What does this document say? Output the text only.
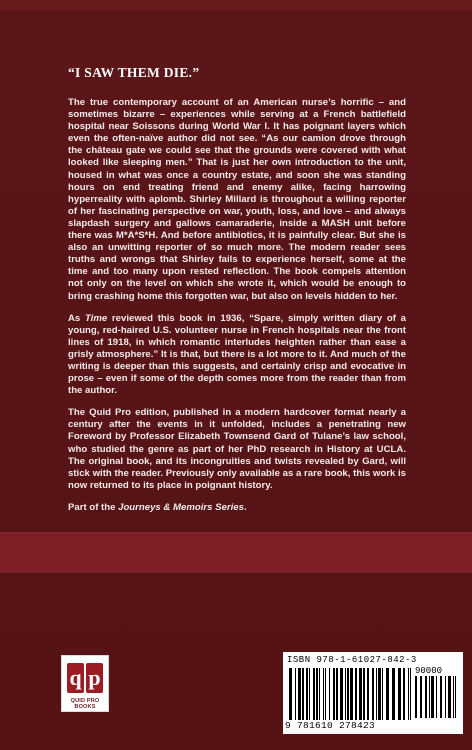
“I SAW THEM DIE.”

The true contemporary account of an American nurse’s horrific – and sometimes bizarre – experiences while serving at a French battlefield hospital near Soissons during World War I. It has poignant layers which even the often-naïve author did not see. “As our camion drove through the château gate we could see that the grounds were covered with what looked like sleeping men.” That is just her own introduction to the unit, housed in what was once a country estate, and soon she was standing hours on end treating friend and enemy alike, facing harrowing hyperreality with aplomb. Shirley Millard is throughout a willing reporter of her fascinating perspective on war, youth, loss, and love – and always slapdash surgery and gallows camaraderie, inside a MASH unit before there was M*A*S*H. And before antibiotics, it is painfully clear. But she is also an unwitting reporter of so much more. The modern reader sees truths and wrongs that Shirley fails to experience herself, some at the time and too many upon rested reflection. The book compels attention not only on the level on which she wrote it, which would be enough to bring crashing home this forgotten war, but also on levels hidden to her.

As Time reviewed this book in 1936, “Spare, simply written diary of a young, red-haired U.S. volunteer nurse in French hospitals near the front lines of 1918, in which romantic interludes heighten rather than ease a grisly atmosphere.” It is that, but there is a lot more to it. And much of the writing is deeper than this suggests, and certainly crisp and evocative in prose – even if some of the depth comes more from the reader than from the author.

The Quid Pro edition, published in a modern hardcover format nearly a century after the events in it unfolded, includes a penetrating new Foreword by Professor Elizabeth Townsend Gard of Tulane’s law school, who studied the genre as part of her PhD research in History at UCLA. The original book, and its incongruities and twists revealed by Gard, will stick with the reader. Previously only available as a rare book, this work is now returned to its place in poignant history.

Part of the Journeys & Memoirs Series.
q p
QUID PRO BOOKS
ISBN 978-1-61027-842-3
90000
9 781610 278423
